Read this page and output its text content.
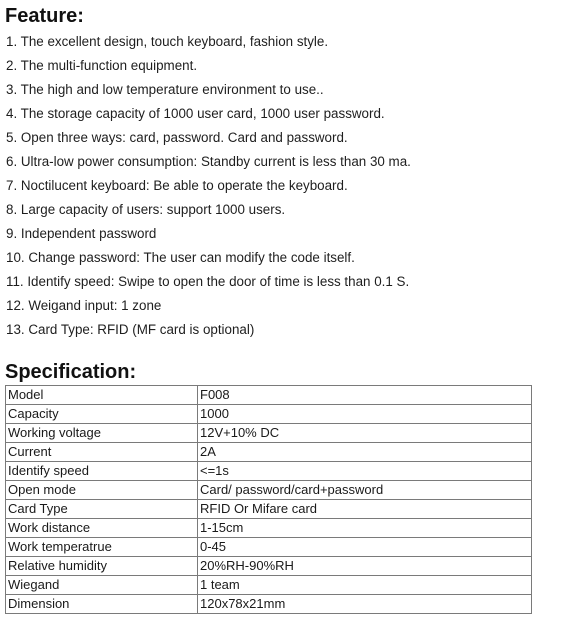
Feature:
1. The excellent design, touch keyboard, fashion style.
2. The multi-function equipment.
3. The high and low temperature environment to use..
4. The storage capacity of 1000 user card, 1000 user password.
5. Open three ways: card, password. Card and password.
6. Ultra-low power consumption: Standby current is less than 30 ma.
7. Noctilucent keyboard: Be able to operate the keyboard.
8. Large capacity of users: support 1000 users.
9. Independent password
10. Change password: The user can modify the code itself.
11. Identify speed: Swipe to open the door of time is less than 0.1 S.
12. Weigand input: 1 zone
13. Card Type: RFID (MF card is optional)
Specification:
Model	F008
Capacity	1000
Working voltage	12V+10% DC
Current	2A
Identify speed	<=1s
Open mode	Card/ password/card+password
Card Type	RFID Or Mifare card
Work distance	1-15cm
Work temperatrue	0-45
Relative humidity	20%RH-90%RH
Wiegand	1 team
Dimension	120x78x21mm
